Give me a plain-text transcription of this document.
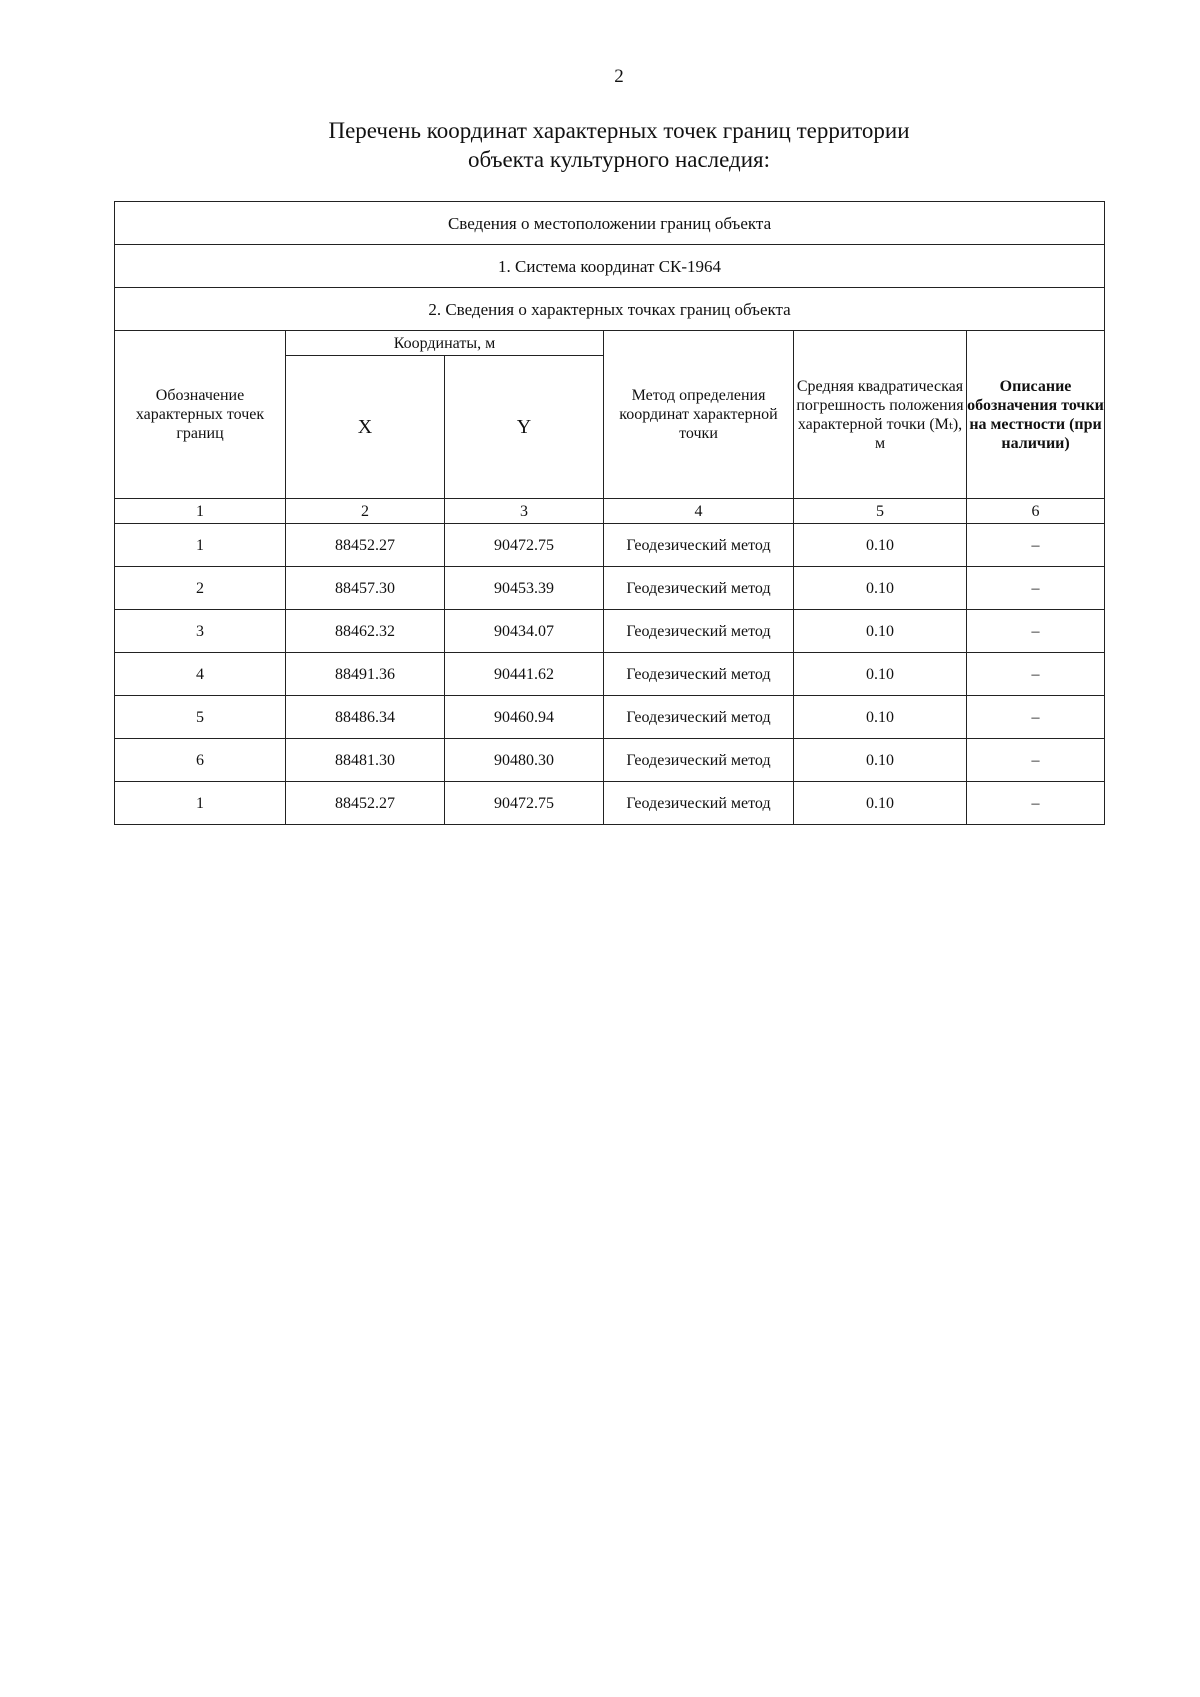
2
Перечень координат характерных точек границ территории
объекта культурного наследия:
Сведения о местоположении границ объекта					
1. Система координат СК-1964					
2. Сведения о характерных точках границ объекта					
Обозначение характерных точек границ	Координаты, м		Метод определения координат характерной точки	Средняя квадратическая погрешность положения характерной точки (Mₜ), м	Описание обозначения точки на местности (при наличии)
	X	Y			
1	2	3	4	5	6
1	88452.27	90472.75	Геодезический метод	0.10	–
2	88457.30	90453.39	Геодезический метод	0.10	–
3	88462.32	90434.07	Геодезический метод	0.10	–
4	88491.36	90441.62	Геодезический метод	0.10	–
5	88486.34	90460.94	Геодезический метод	0.10	–
6	88481.30	90480.30	Геодезический метод	0.10	–
1	88452.27	90472.75	Геодезический метод	0.10	–
